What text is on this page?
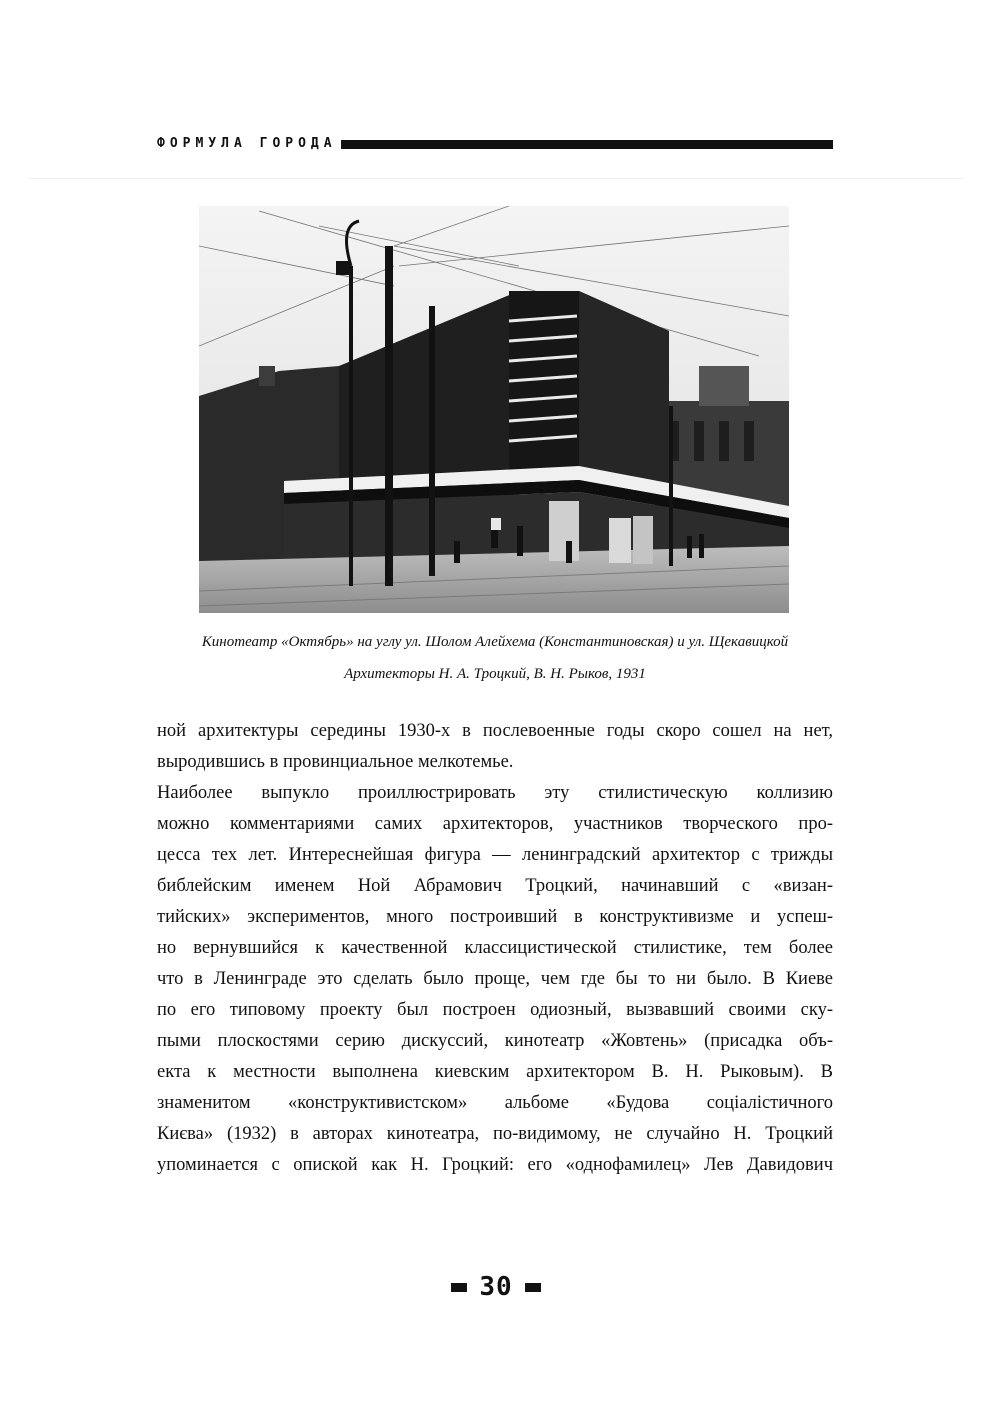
ФОРМУЛА ГОРОДА
Кинотеатр «Октябрь» на углу ул. Шолом Алейхема (Константиновская) и ул. Щекавицкой
Архитекторы Н. А. Троцкий, В. Н. Рыков, 1931

ной архитектуры середины 1930-х в послевоенные годы скоро сошел на нет,
выродившись в провинциальное мелкотемье.

Наиболее выпукло проиллюстрировать эту стилистическую коллизию
можно комментариями самих архитекторов, участников творческого про-
цесса тех лет. Интереснейшая фигура — ленинградский архитектор с трижды
библейским именем Ной Абрамович Троцкий, начинавший с «визан-
тийских» экспериментов, много построивший в конструктивизме и успеш-
но вернувшийся к качественной классицистической стилистике, тем более
что в Ленинграде это сделать было проще, чем где бы то ни было. В Киеве
по его типовому проекту был построен одиозный, вызвавший своими ску-
пыми плоскостями серию дискуссий, кинотеатр «Жовтень» (присадка объ-
екта к местности выполнена киевским архитектором В. Н. Рыковым). В
знаменитом «конструктивистском» альбоме «Будова соціалістичного
Києва» (1932) в авторах кинотеатра, по-видимому, не случайно Н. Троцкий
упоминается с опиской как Н. Гроцкий: его «однофамилец» Лев Давидович

30
